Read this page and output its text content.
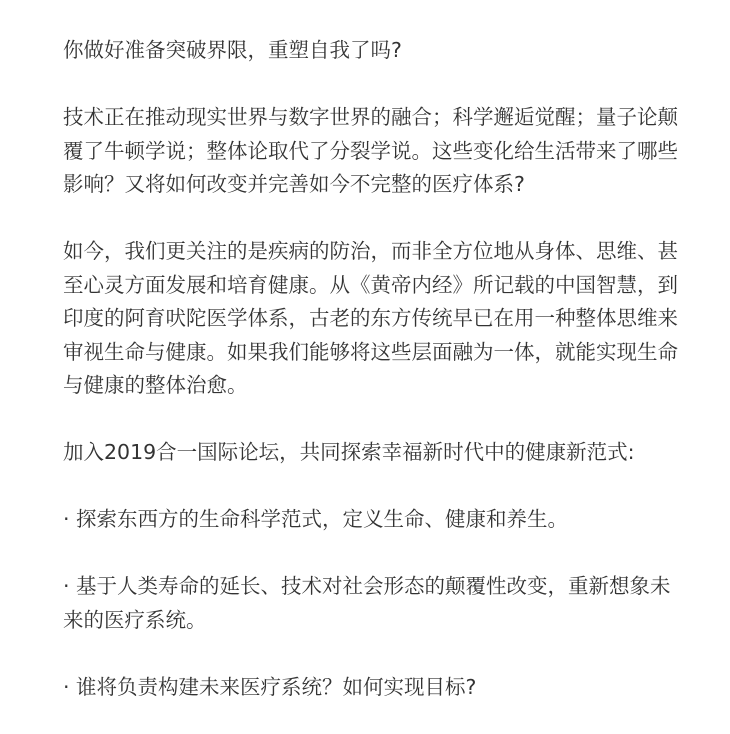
你做好准备突破界限，重塑自我了吗?

技术正在推动现实世界与数字世界的融合；科学邂逅觉醒；量子论颠覆了牛顿学说；整体论取代了分裂学说。这些变化给生活带来了哪些影响？又将如何改变并完善如今不完整的医疗体系?

如今，我们更关注的是疾病的防治，而非全方位地从身体、思维、甚至心灵方面发展和培育健康。从《黄帝内经》所记载的中国智慧，到印度的阿育吠陀医学体系，古老的东方传统早已在用一种整体思维来审视生命与健康。如果我们能够将这些层面融为一体，就能实现生命与健康的整体治愈。

加入2019合一国际论坛，共同探索幸福新时代中的健康新范式:

· 探索东西方的生命科学范式，定义生命、健康和养生。

· 基于人类寿命的延长、技术对社会形态的颠覆性改变，重新想象未来的医疗系统。

· 谁将负责构建未来医疗系统？如何实现目标?
